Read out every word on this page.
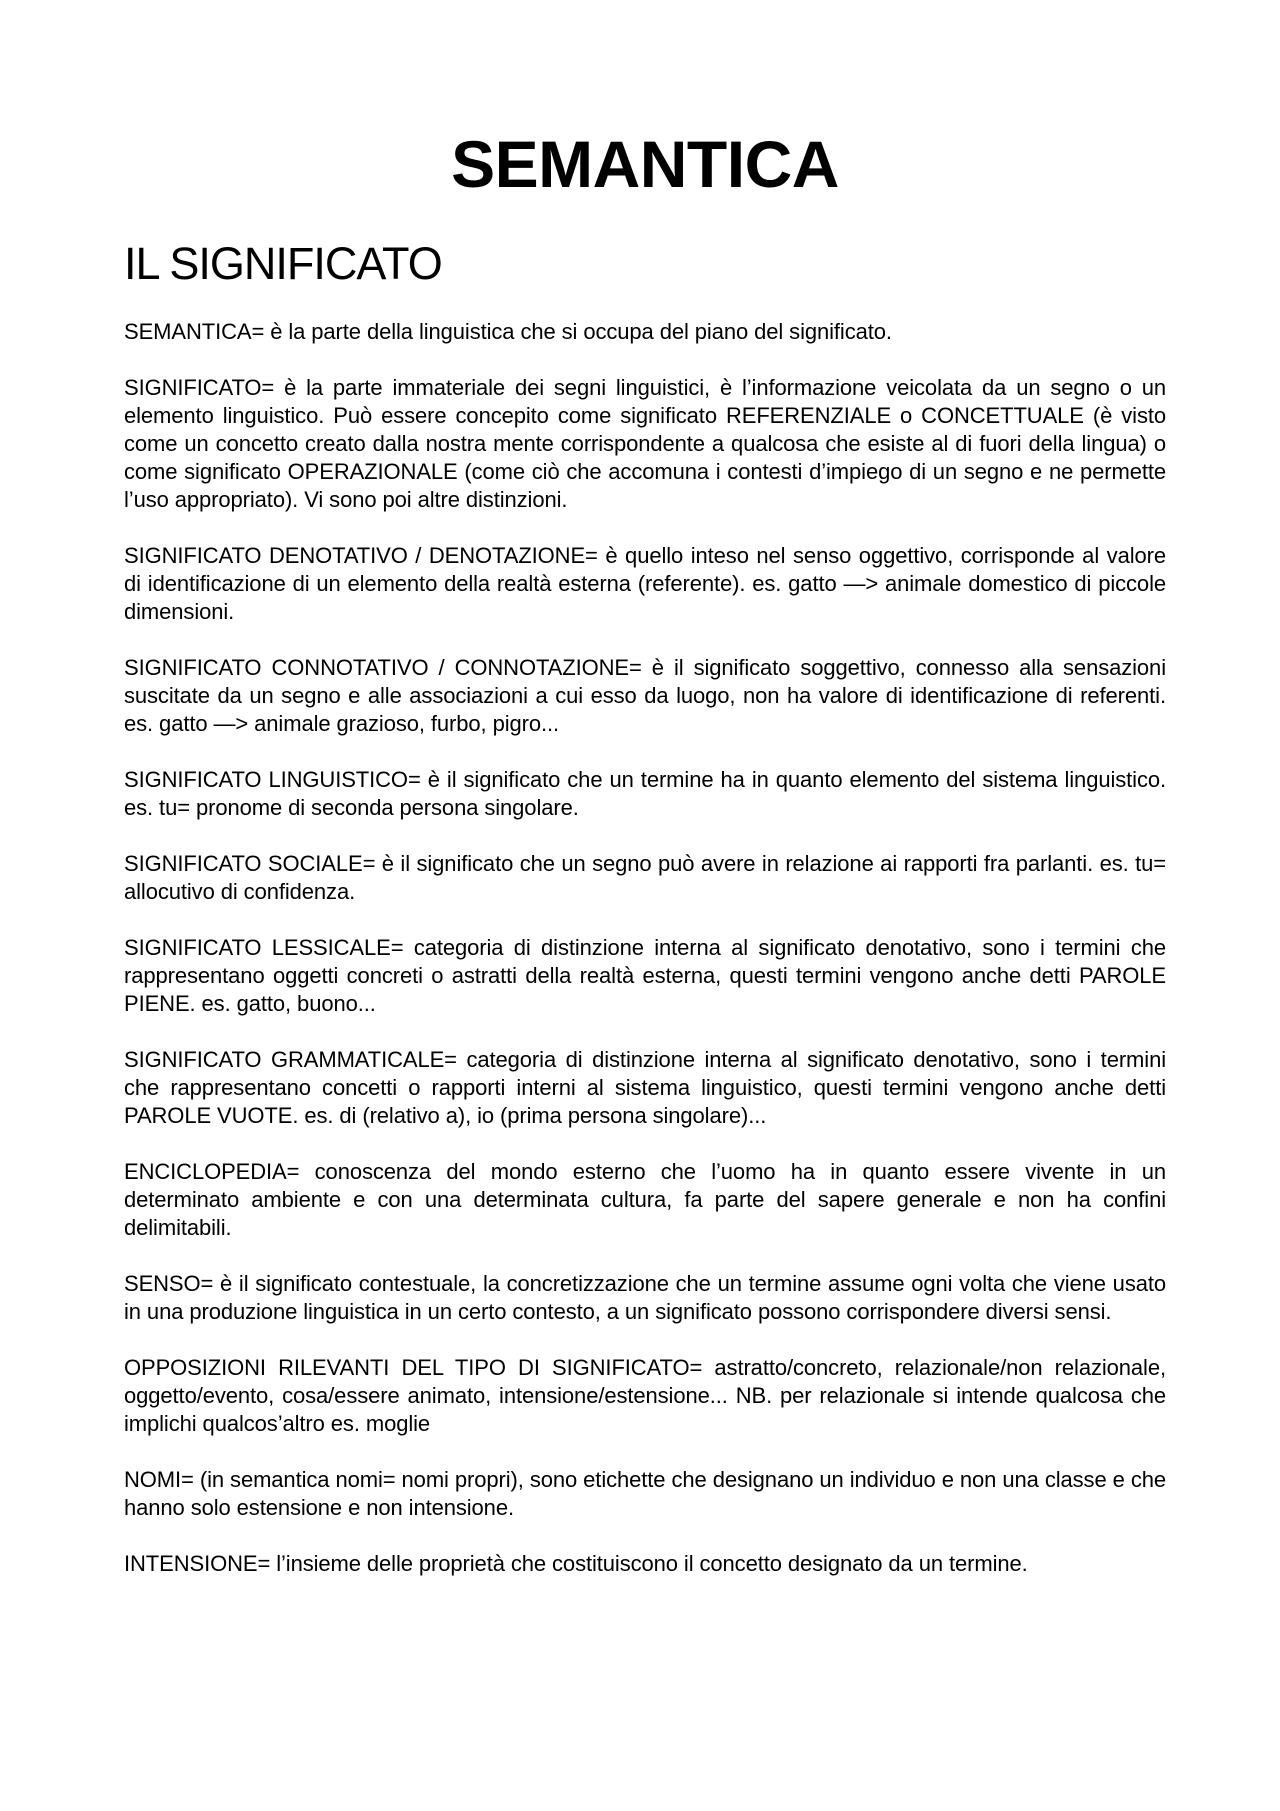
SEMANTICA
IL SIGNIFICATO

SEMANTICA= è la parte della linguistica che si occupa del piano del significato.

SIGNIFICATO= è la parte immateriale dei segni linguistici, è l’informazione veicolata da un segno o un elemento linguistico. Può essere concepito come significato REFERENZIALE o CONCETTUALE (è visto come un concetto creato dalla nostra mente corrispondente a qualcosa che esiste al di fuori della lingua) o come significato OPERAZIONALE (come ciò che accomuna i contesti d’impiego di un segno e ne permette l’uso appropriato). Vi sono poi altre distinzioni.

SIGNIFICATO DENOTATIVO / DENOTAZIONE= è quello inteso nel senso oggettivo, corrisponde al valore di identificazione di un elemento della realtà esterna (referente). es. gatto —> animale domestico di piccole dimensioni.

SIGNIFICATO CONNOTATIVO / CONNOTAZIONE= è il significato soggettivo, connesso alla sensazioni suscitate da un segno e alle associazioni a cui esso da luogo, non ha valore di identificazione di referenti. es. gatto —> animale grazioso, furbo, pigro...

SIGNIFICATO LINGUISTICO= è il significato che un termine ha in quanto elemento del sistema linguistico. es. tu= pronome di seconda persona singolare.

SIGNIFICATO SOCIALE= è il significato che un segno può avere in relazione ai rapporti fra parlanti. es. tu= allocutivo di confidenza.

SIGNIFICATO LESSICALE= categoria di distinzione interna al significato denotativo, sono i termini che rappresentano oggetti concreti o astratti della realtà esterna, questi termini vengono anche detti PAROLE PIENE. es. gatto, buono...

SIGNIFICATO GRAMMATICALE= categoria di distinzione interna al significato denotativo, sono i termini che rappresentano concetti o rapporti interni al sistema linguistico, questi termini vengono anche detti PAROLE VUOTE. es. di (relativo a), io (prima persona singolare)...

ENCICLOPEDIA= conoscenza del mondo esterno che l’uomo ha in quanto essere vivente in un determinato ambiente e con una determinata cultura, fa parte del sapere generale e non ha confini delimitabili.

SENSO= è il significato contestuale, la concretizzazione che un termine assume ogni volta che viene usato in una produzione linguistica in un certo contesto, a un significato possono corrispondere diversi sensi.

OPPOSIZIONI RILEVANTI DEL TIPO DI SIGNIFICATO= astratto/concreto, relazionale/non relazionale, oggetto/evento, cosa/essere animato, intensione/estensione... NB. per relazionale si intende qualcosa che implichi qualcos’altro es. moglie

NOMI= (in semantica nomi= nomi propri), sono etichette che designano un individuo e non una classe e che hanno solo estensione e non intensione.

INTENSIONE= l’insieme delle proprietà che costituiscono il concetto designato da un termine.
